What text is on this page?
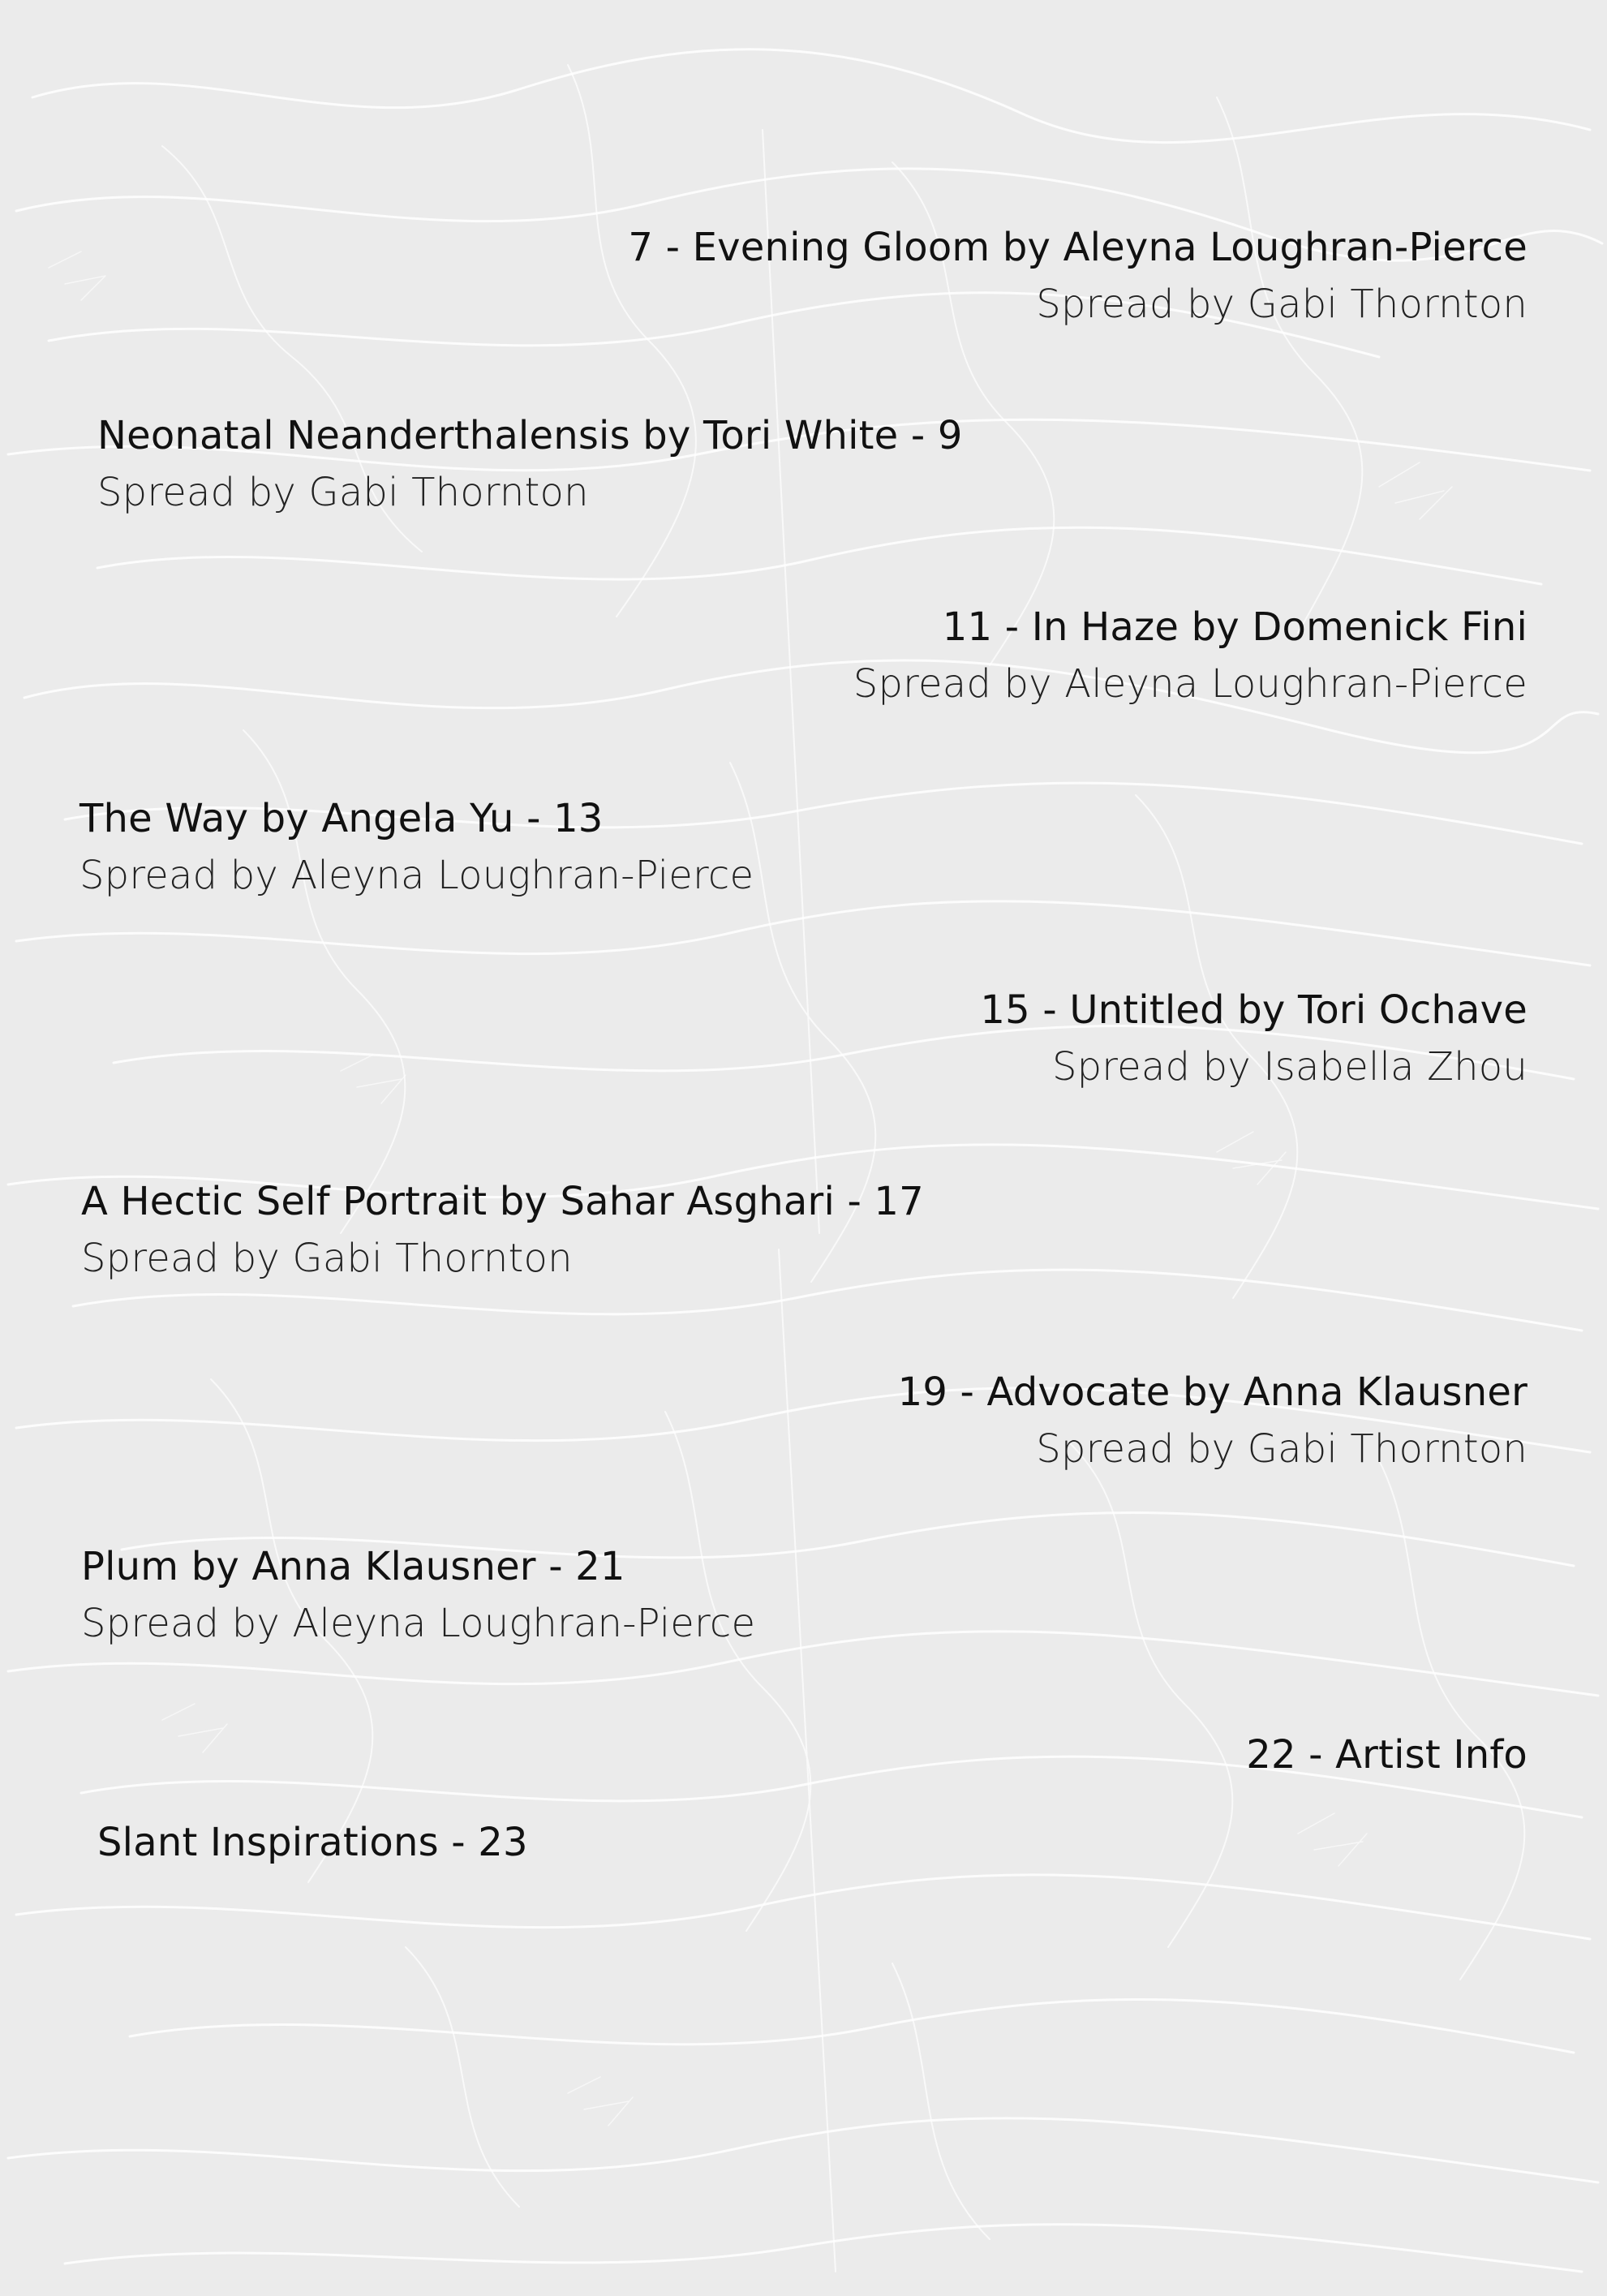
7 - Evening Gloom by Aleyna Loughran-Pierce
Spread by Gabi Thornton
Neonatal Neanderthalensis by Tori White - 9
Spread by Gabi Thornton
11 - In Haze by Domenick Fini
Spread by Aleyna Loughran-Pierce
The Way by Angela Yu - 13
Spread by Aleyna Loughran-Pierce
15 - Untitled by Tori Ochave
Spread by Isabella Zhou
A Hectic Self Portrait by Sahar Asghari - 17
Spread by Gabi Thornton
19 - Advocate by Anna Klausner
Spread by Gabi Thornton
Plum by Anna Klausner - 21
Spread by Aleyna Loughran-Pierce
22 - Artist Info
Slant Inspirations - 23
